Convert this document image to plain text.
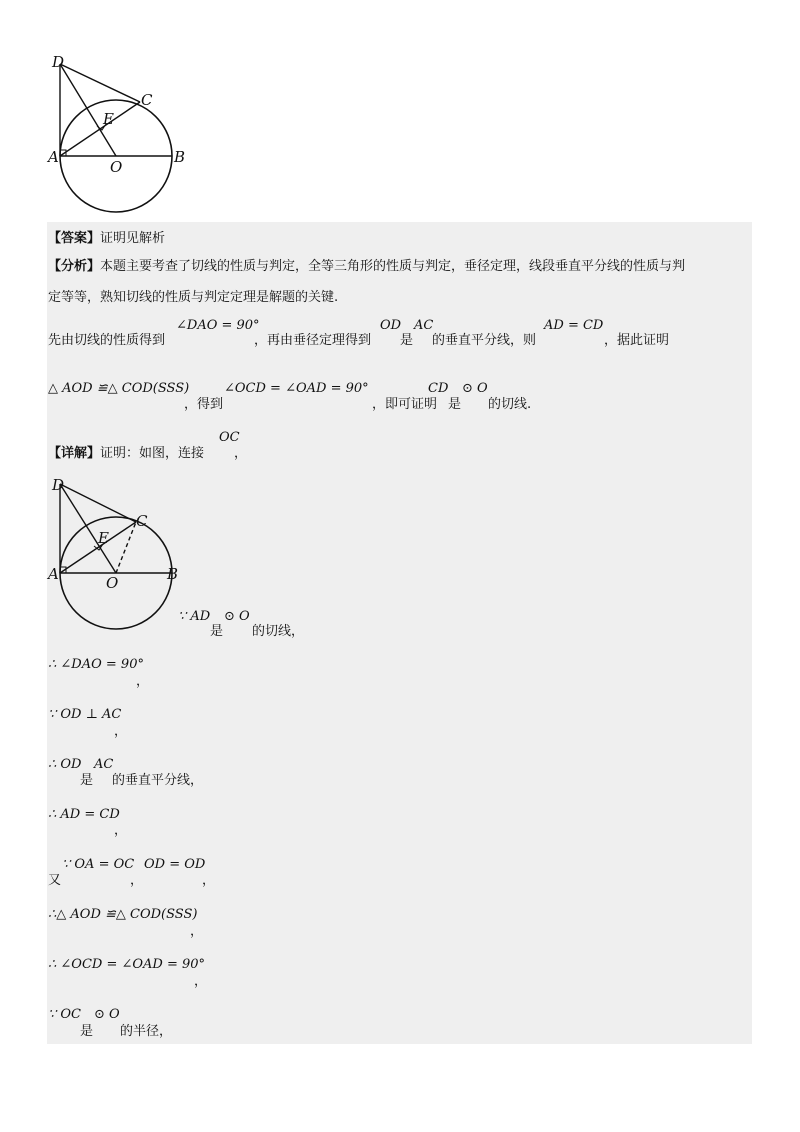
D
C
E
A
O
B
【答案】证明见解析
【分析】本题主要考查了切线的性质与判定，全等三角形的性质与判定，垂径定理，线段垂直平分线的性质与判
定等等，熟知切线的性质与判定定理是解题的关键.
先由切线的性质得到
∠DAO = 90°
，再由垂径定理得到
OD
是
AC
的垂直平分线，则
AD = CD
，据此证明
△ AOD ≌△ COD(SSS)
，得到
∠OCD = ∠OAD = 90°
，即可证明
CD
是
⊙ O
的切线.
【详解】证明：如图，连接
OC
，
D
C
E
A	O	B
∵ AD
是
⊙ O
的切线，
∴ ∠DAO = 90°
，
∵ OD ⊥ AC
，
∴ OD
是
AC
的垂直平分线，
∴ AD = CD
，
又
∵ OA = OC
，
OD = OD
，
∴△ AOD ≌△ COD(SSS)
，
∴ ∠OCD = ∠OAD = 90°
，
∵ OC
是
⊙ O
的半径，
